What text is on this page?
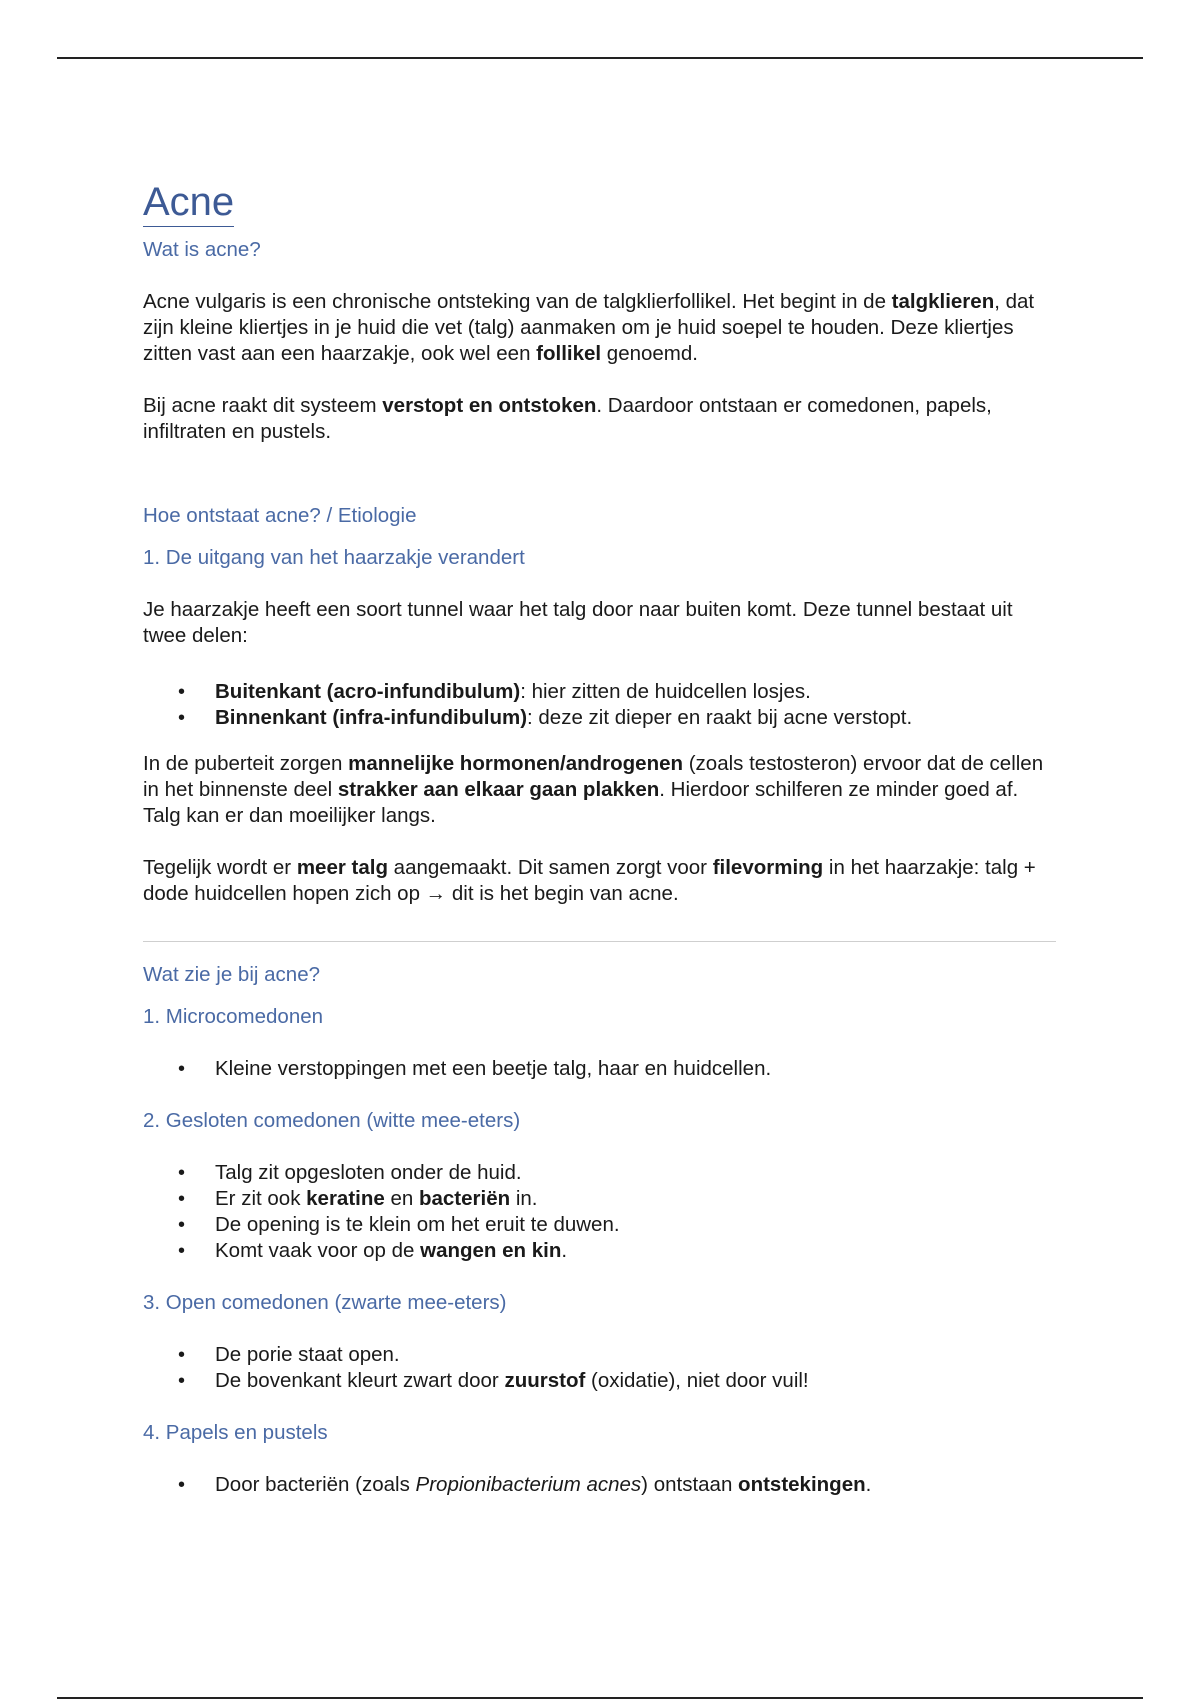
Acne
Wat is acne?

Acne vulgaris is een chronische ontsteking van de talgklierfollikel. Het begint in de talgklieren, dat zijn kleine kliertjes in je huid die vet (talg) aanmaken om je huid soepel te houden. Deze kliertjes zitten vast aan een haarzakje, ook wel een follikel genoemd.

Bij acne raakt dit systeem verstopt en ontstoken. Daardoor ontstaan er comedonen, papels, infiltraten en pustels.

Hoe ontstaat acne? / Etiologie
1. De uitgang van het haarzakje verandert

Je haarzakje heeft een soort tunnel waar het talg door naar buiten komt. Deze tunnel bestaat uit twee delen:

• Buitenkant (acro-infundibulum): hier zitten de huidcellen losjes.
• Binnenkant (infra-infundibulum): deze zit dieper en raakt bij acne verstopt.

In de puberteit zorgen mannelijke hormonen/androgenen (zoals testosteron) ervoor dat de cellen in het binnenste deel strakker aan elkaar gaan plakken. Hierdoor schilferen ze minder goed af. Talg kan er dan moeilijker langs.

Tegelijk wordt er meer talg aangemaakt. Dit samen zorgt voor filevorming in het haarzakje: talg + dode huidcellen hopen zich op → dit is het begin van acne.

Wat zie je bij acne?
1. Microcomedonen
• Kleine verstoppingen met een beetje talg, haar en huidcellen.
2. Gesloten comedonen (witte mee-eters)
• Talg zit opgesloten onder de huid.
• Er zit ook keratine en bacteriën in.
• De opening is te klein om het eruit te duwen.
• Komt vaak voor op de wangen en kin.
3. Open comedonen (zwarte mee-eters)
• De porie staat open.
• De bovenkant kleurt zwart door zuurstof (oxidatie), niet door vuil!
4. Papels en pustels
• Door bacteriën (zoals Propionibacterium acnes) ontstaan ontstekingen.
